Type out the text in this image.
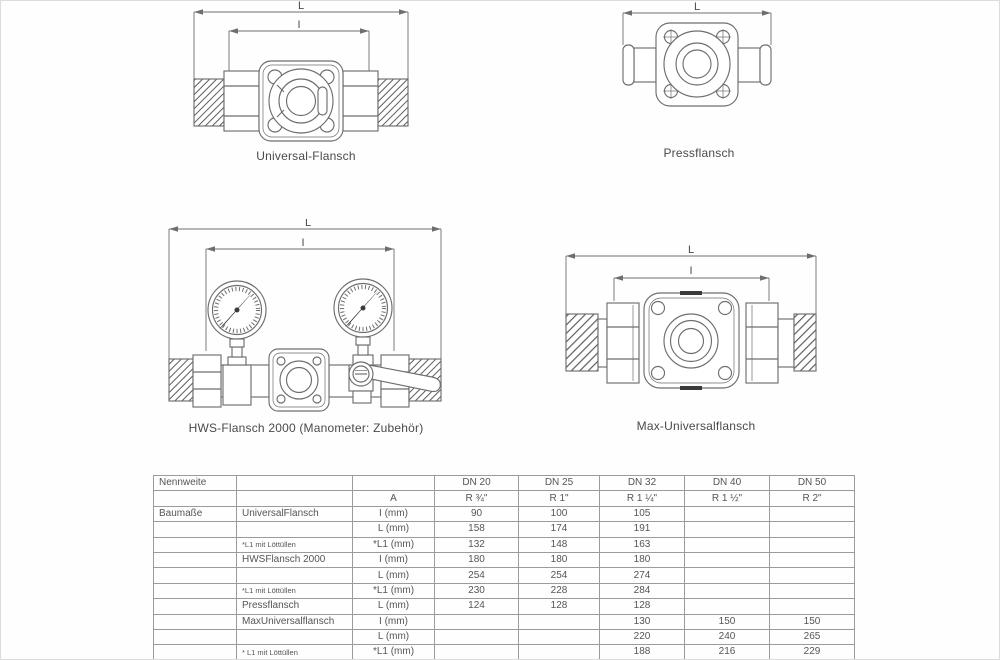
L
I
Universal-Flansch
L
Pressflansch
L
I
HWS-Flansch 2000 (Manometer: Zubehör)
L
I
Max-Universalflansch
Nennweite			DN 20	DN 25	DN 32	DN 40	DN 50
		A	R ¾"	R 1"	R 1 ¼"	R 1 ½"	R 2"
Baumaße	UniversalFlansch	I (mm)	90	100	105		
		L (mm)	158	174	191		
	*L1 mit Löttüllen	*L1 (mm)	132	148	163		
	HWSFlansch 2000	I (mm)	180	180	180		
		L (mm)	254	254	274		
	*L1 mit Löttüllen	*L1 (mm)	230	228	284		
	Pressflansch	L (mm)	124	128	128		
	MaxUniversalflansch	I (mm)			130	150	150
		L (mm)			220	240	265
	* L1 mit Löttüllen	*L1 (mm)			188	216	229
